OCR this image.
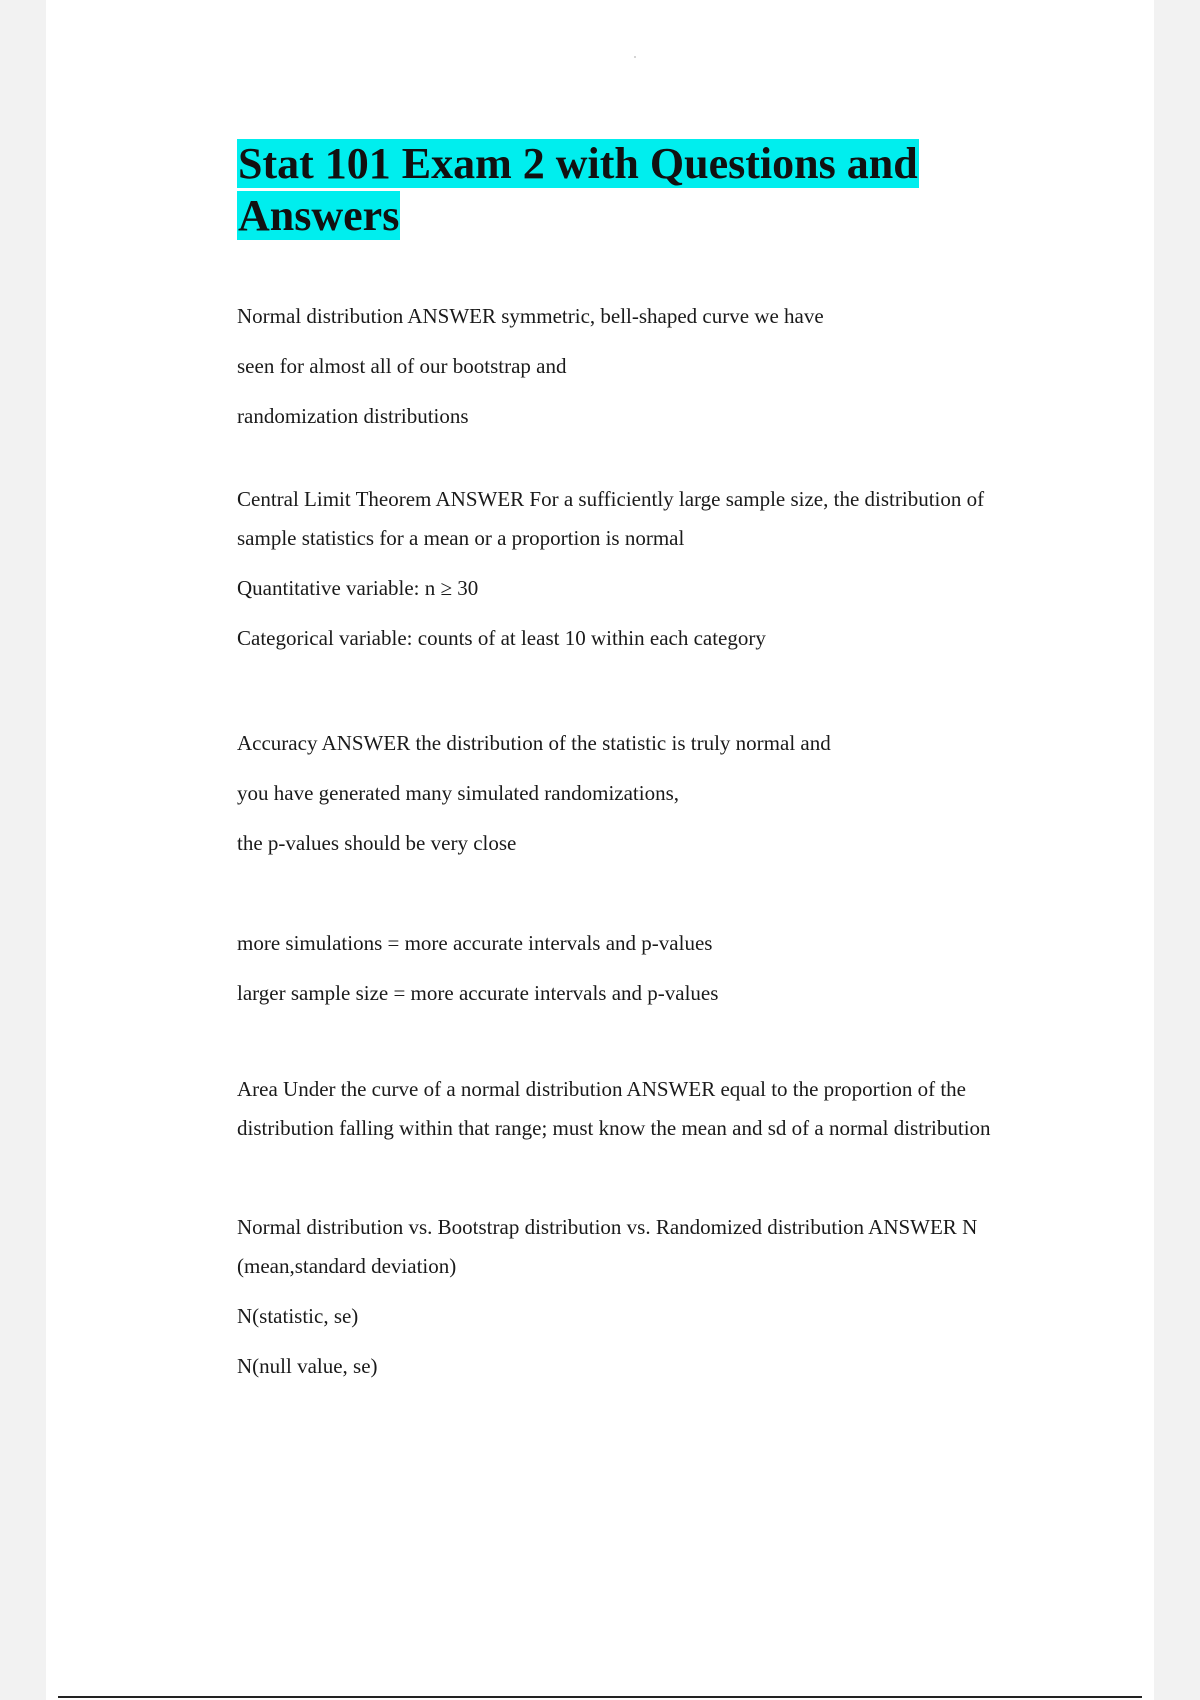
Stat 101 Exam 2 with Questions and Answers

Normal distribution ANSWER symmetric, bell-shaped curve we have

seen for almost all of our bootstrap and

randomization distributions

Central Limit Theorem ANSWER For a sufficiently large sample size, the distribution of

sample statistics for a mean or a proportion is normal

Quantitative variable: n ≥ 30

Categorical variable: counts of at least 10 within each category

Accuracy ANSWER the distribution of the statistic is truly normal and

you have generated many simulated randomizations,

the p-values should be very close

more simulations = more accurate intervals and p-values

larger sample size = more accurate intervals and p-values

Area Under the curve of a normal distribution ANSWER equal to the proportion of the

distribution falling within that range; must know the mean and sd of a normal distribution

Normal distribution vs. Bootstrap distribution vs. Randomized distribution ANSWER N

(mean,standard deviation)

N(statistic, se)

N(null value, se)
